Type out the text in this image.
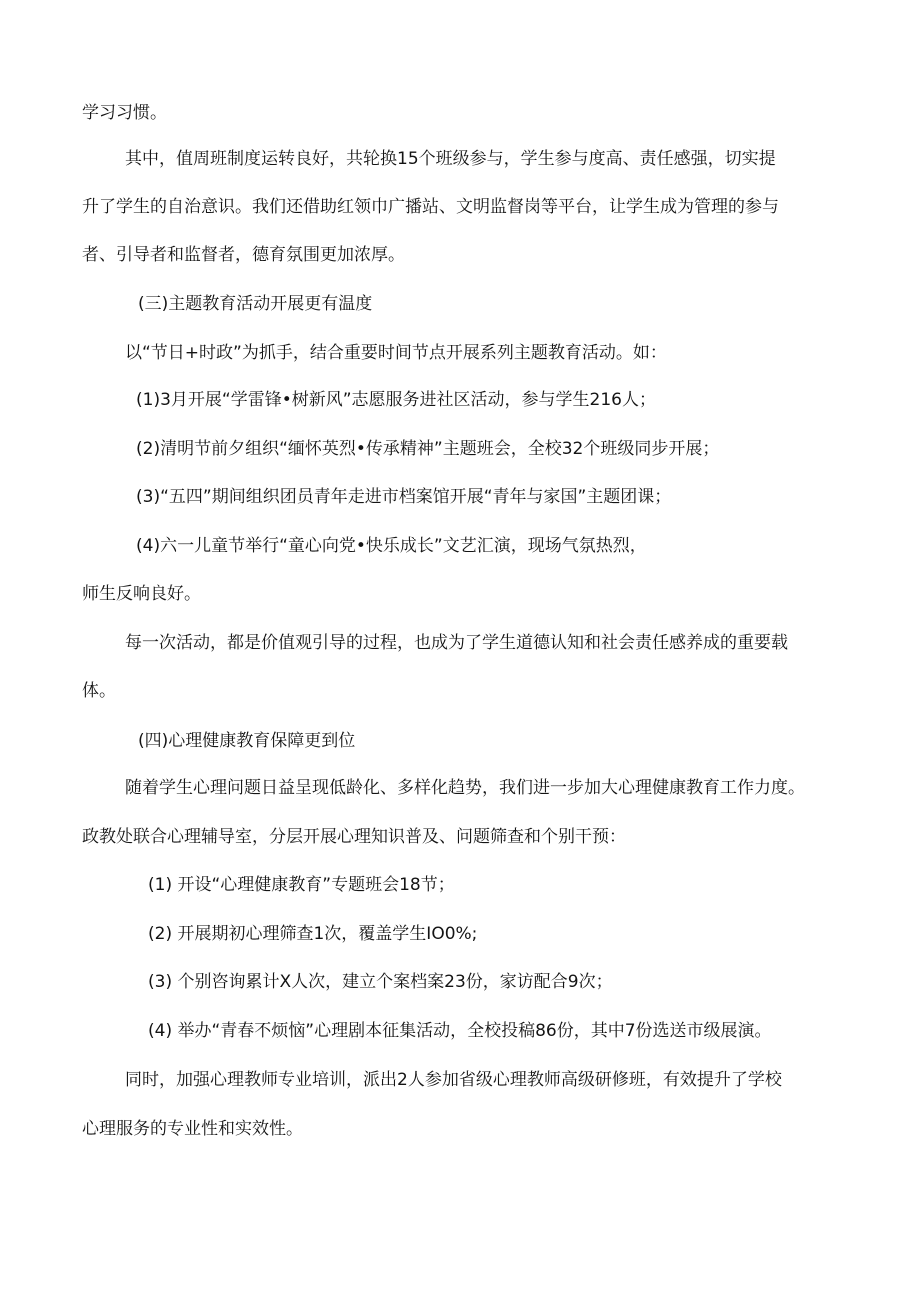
学习习惯。
其中，值周班制度运转良好，共轮换15个班级参与，学生参与度高、责任感强，切实提
升了学生的自治意识。我们还借助红领巾广播站、文明监督岗等平台，让学生成为管理的参与
者、引导者和监督者，德育氛围更加浓厚。
(三)主题教育活动开展更有温度
以“节日+时政”为抓手，结合重要时间节点开展系列主题教育活动。如：
(1)3月开展“学雷锋•树新风”志愿服务进社区活动，参与学生216人；
(2)清明节前夕组织“缅怀英烈•传承精神”主题班会，全校32个班级同步开展；
(3)“五四”期间组织团员青年走进市档案馆开展“青年与家国”主题团课；
(4)六一儿童节举行“童心向党•快乐成长”文艺汇演，现场气氛热烈，
师生反响良好。
每一次活动，都是价值观引导的过程，也成为了学生道德认知和社会责任感养成的重要载
体。
(四)心理健康教育保障更到位
随着学生心理问题日益呈现低龄化、多样化趋势，我们进一步加大心理健康教育工作力度。
政教处联合心理辅导室，分层开展心理知识普及、问题筛查和个别干预：
(1) 开设“心理健康教育”专题班会18节；
(2) 开展期初心理筛查1次，覆盖学生IO0%;
(3) 个别咨询累计X人次，建立个案档案23份，家访配合9次；
(4) 举办“青春不烦恼”心理剧本征集活动，全校投稿86份，其中7份选送市级展演。
同时，加强心理教师专业培训，派出2人参加省级心理教师高级研修班，有效提升了学校
心理服务的专业性和实效性。
